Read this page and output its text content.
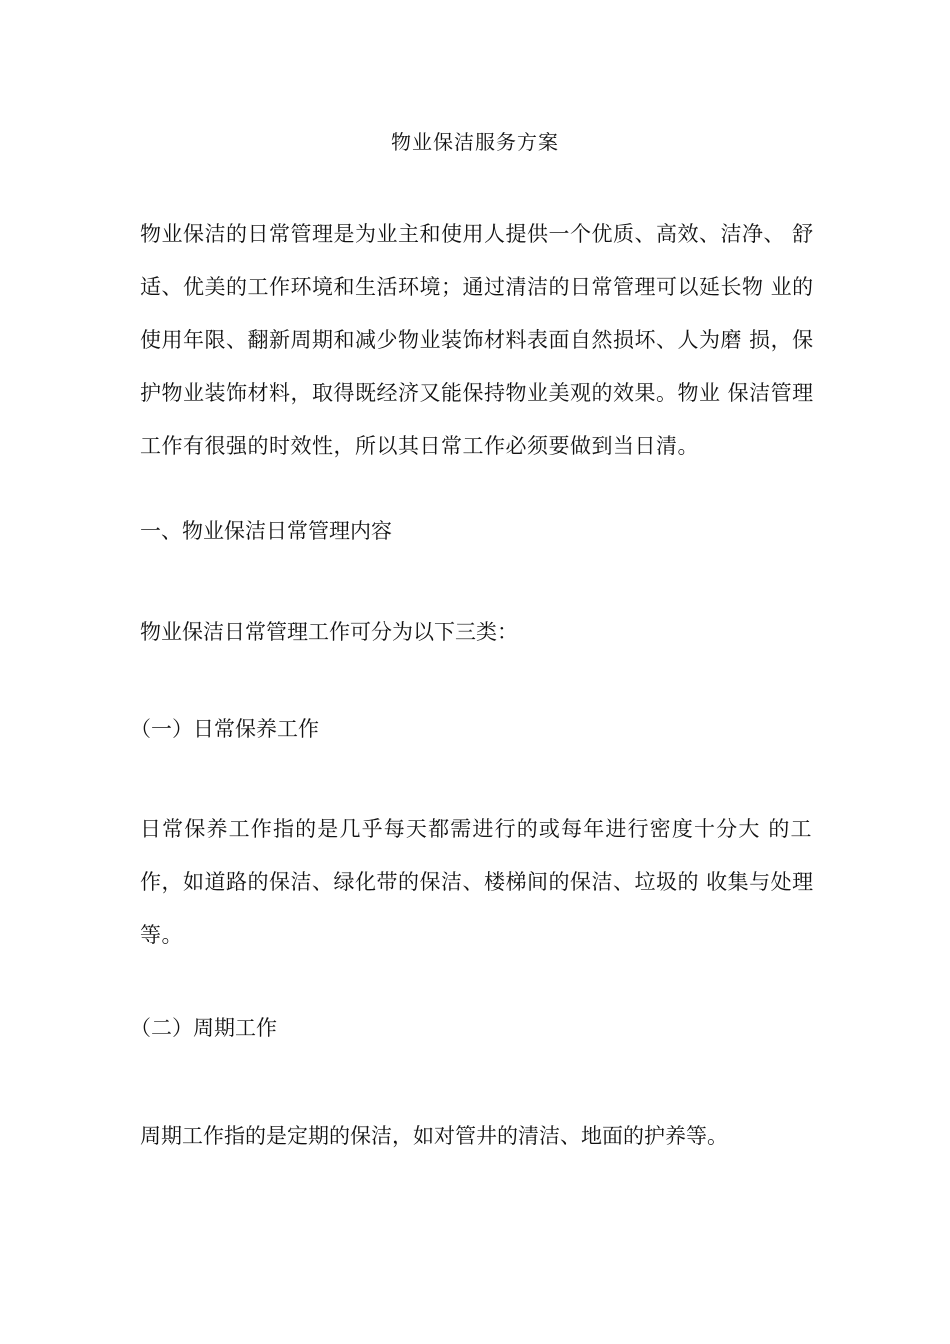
物业保洁服务方案
物业保洁的日常管理是为业主和使用人提供一个优质、高效、洁净、 舒
适、优美的工作环境和生活环境；通过清洁的日常管理可以延长物 业的
使用年限、翻新周期和减少物业装饰材料表面自然损坏、人为磨 损，保
护物业装饰材料，取得既经济又能保持物业美观的效果。物业 保洁管理
工作有很强的时效性，所以其日常工作必须要做到当日清。
一、物业保洁日常管理内容
物业保洁日常管理工作可分为以下三类：
（一）日常保养工作
日常保养工作指的是几乎每天都需进行的或每年进行密度十分大 的工
作，如道路的保洁、绿化带的保洁、楼梯间的保洁、垃圾的 收集与处理
等。
（二）周期工作
周期工作指的是定期的保洁，如对管井的清洁、地面的护养等。
